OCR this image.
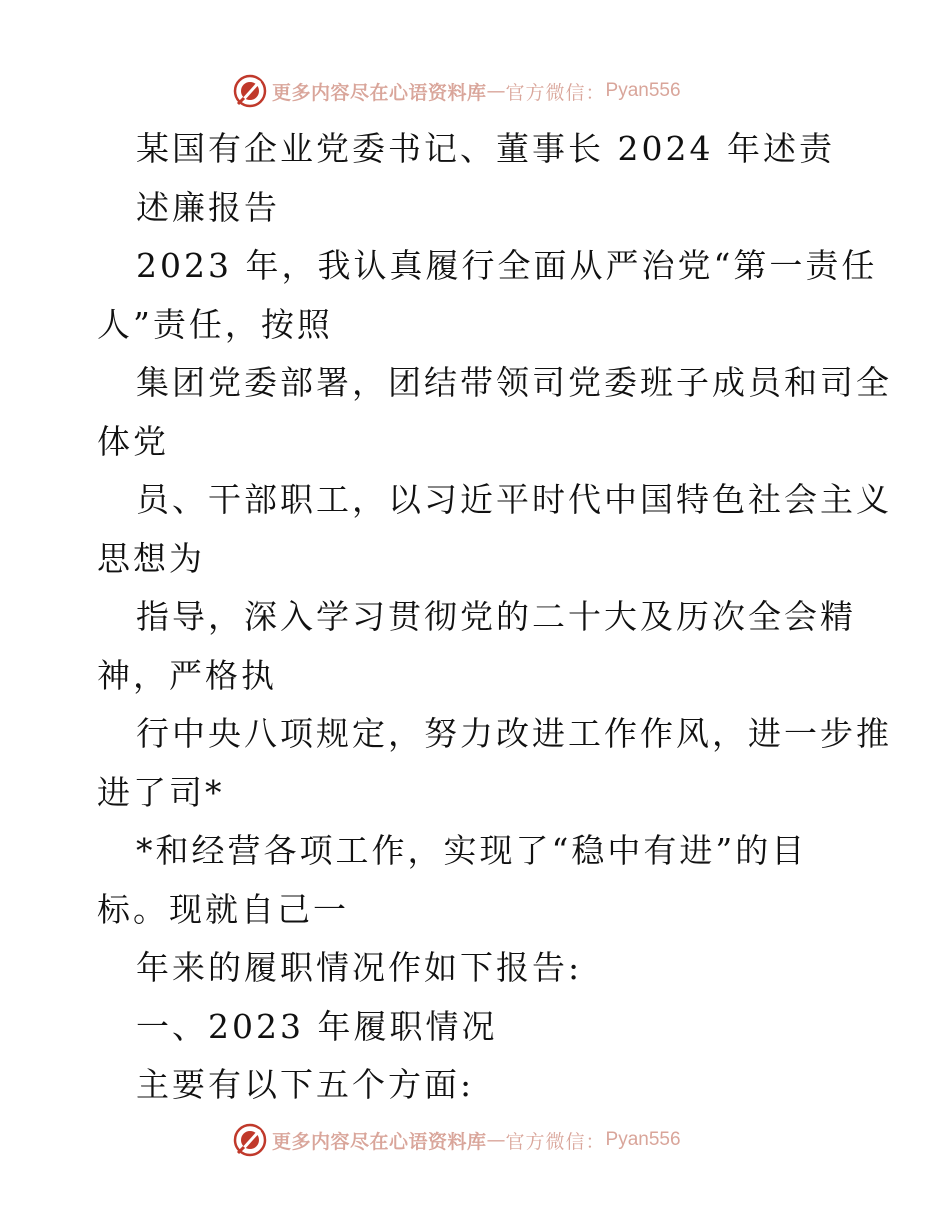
更多内容尽在心语资料库 — 官方微信： Pyan556
某国有企业党委书记、董事长 2024 年述责
述廉报告
2023 年，我认真履行全面从严治党“第一责任
人”责任，按照
集团党委部署，团结带领司党委班子成员和司全
体党
员、干部职工，以习近平时代中国特色社会主义
思想为
指导，深入学习贯彻党的二十大及历次全会精
神，严格执
行中央八项规定，努力改进工作作风，进一步推
进了司*
*和经营各项工作，实现了“稳中有进”的目
标。现就自己一
年来的履职情况作如下报告:
一、2023 年履职情况
主要有以下五个方面:
更多内容尽在心语资料库 — 官方微信： Pyan556
